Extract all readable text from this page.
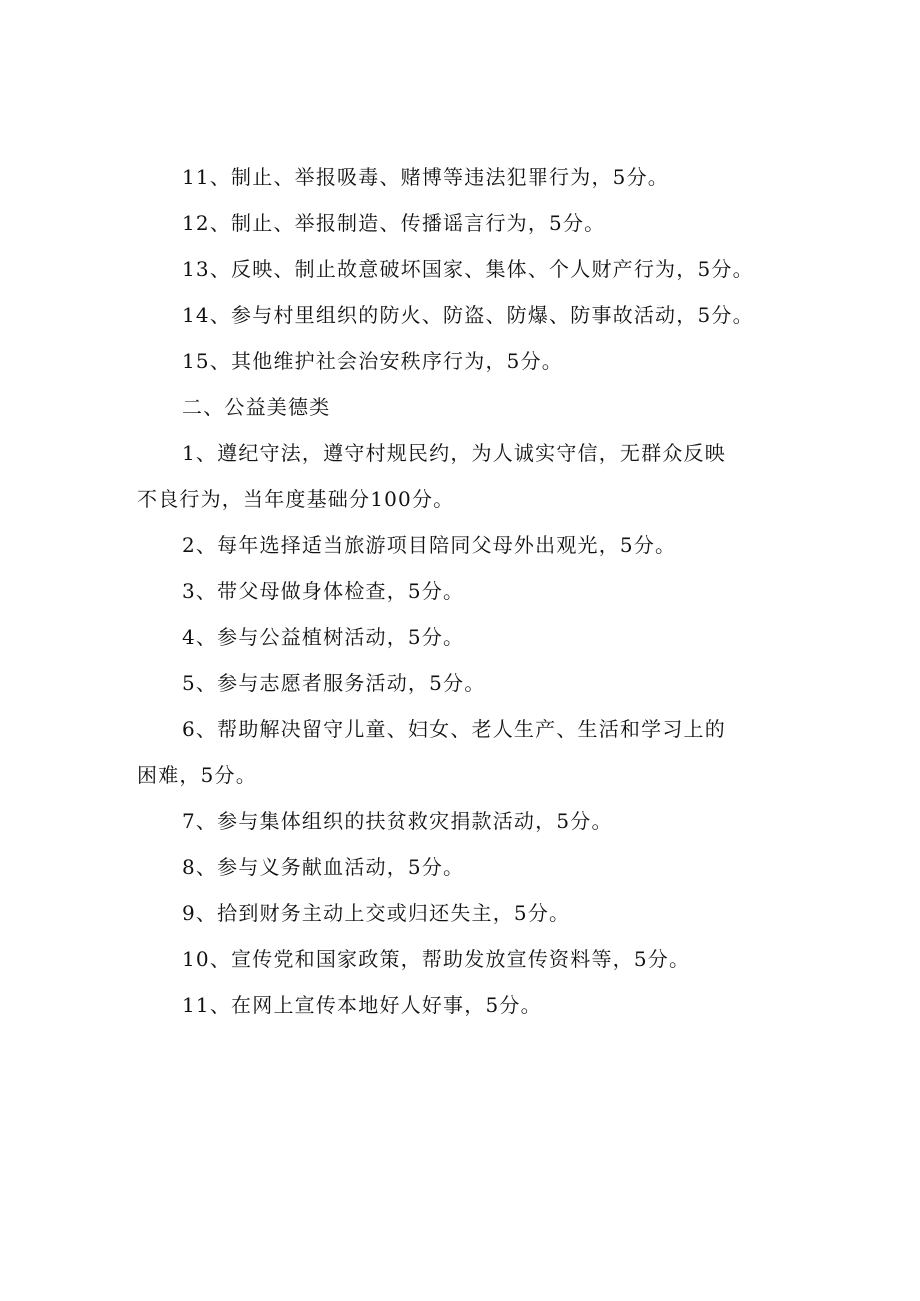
11、制止、举报吸毒、赌博等违法犯罪行为，5分。
12、制止、举报制造、传播谣言行为，5分。
13、反映、制止故意破坏国家、集体、个人财产行为，5分。
14、参与村里组织的防火、防盗、防爆、防事故活动，5分。
15、其他维护社会治安秩序行为，5分。
二、公益美德类
1、遵纪守法，遵守村规民约，为人诚实守信，无群众反映
不良行为，当年度基础分100分。
2、每年选择适当旅游项目陪同父母外出观光，5分。
3、带父母做身体检查，5分。
4、参与公益植树活动，5分。
5、参与志愿者服务活动，5分。
6、帮助解决留守儿童、妇女、老人生产、生活和学习上的
困难，5分。
7、参与集体组织的扶贫救灾捐款活动，5分。
8、参与义务献血活动，5分。
9、拾到财务主动上交或归还失主，5分。
10、宣传党和国家政策，帮助发放宣传资料等，5分。
11、在网上宣传本地好人好事，5分。
